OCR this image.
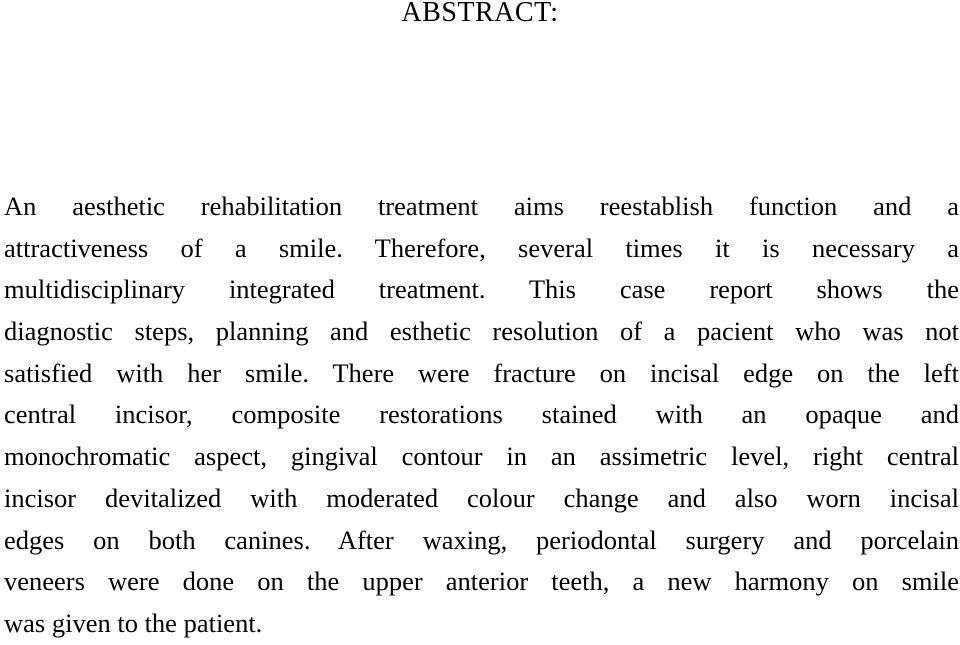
ABSTRACT:
An aesthetic rehabilitation treatment aims reestablish function and a
attractiveness of a smile. Therefore, several times it is necessary a
multidisciplinary integrated treatment. This case report shows the
diagnostic steps, planning and esthetic resolution of a pacient who was not
satisfied with her smile. There were fracture on incisal edge on the left
central incisor, composite restorations stained with an opaque and
monochromatic aspect, gingival contour in an assimetric level, right central
incisor devitalized with moderated colour change and also worn incisal
edges on both canines. After waxing, periodontal surgery and porcelain
veneers were done on the upper anterior teeth, a new harmony on smile
was given to the patient.
